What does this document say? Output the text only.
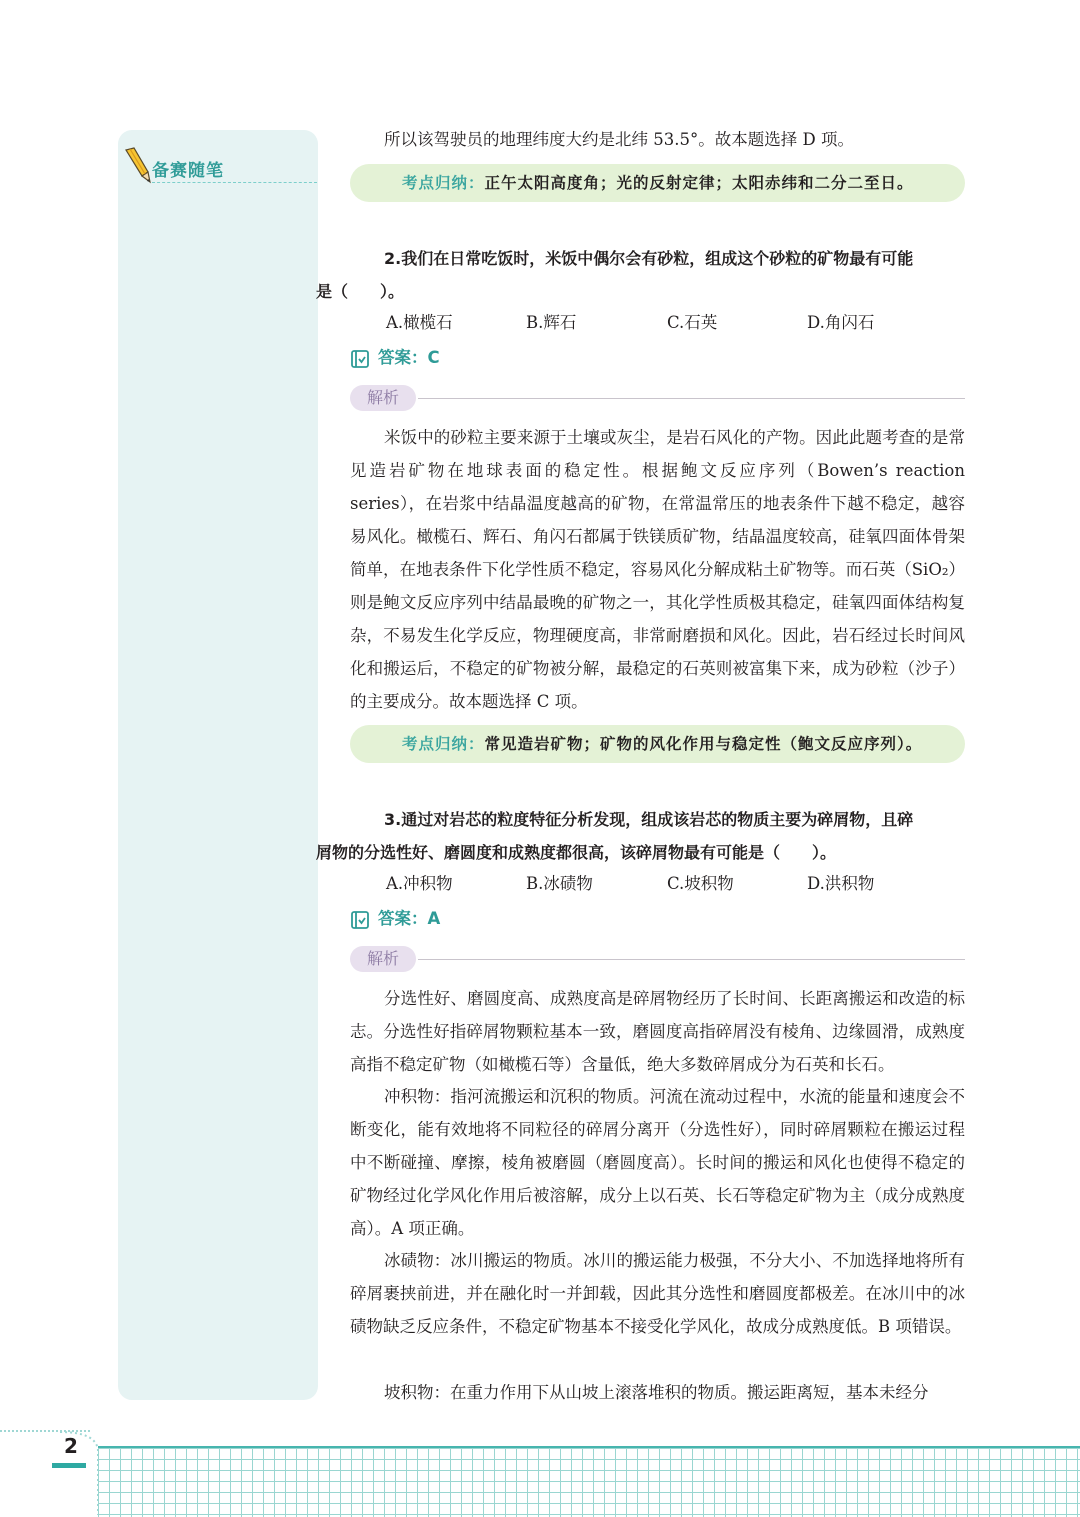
备赛随笔

所以该驾驶员的地理纬度大约是北纬 53.5°。故本题选择 D 项。

考点归纳：正午太阳高度角；光的反射定律；太阳赤纬和二分二至日。
2.我们在日常吃饭时，米饭中偶尔会有砂粒，组成这个砂粒的矿物最有可能
是（　　）。
A.橄榄石	B.辉石	C.石英	D.角闪石
答案：C
解析

米饭中的砂粒主要来源于土壤或灰尘，是岩石风化的产物。因此此题考查的是常见造岩矿物在地球表面的稳定性。根据鲍文反应序列（Bowen’s reaction series），在岩浆中结晶温度越高的矿物，在常温常压的地表条件下越不稳定，越容易风化。橄榄石、辉石、角闪石都属于铁镁质矿物，结晶温度较高，硅氧四面体骨架简单，在地表条件下化学性质不稳定，容易风化分解成粘土矿物等。而石英（SiO₂）则是鲍文反应序列中结晶最晚的矿物之一，其化学性质极其稳定，硅氧四面体结构复杂，不易发生化学反应，物理硬度高，非常耐磨损和风化。因此，岩石经过长时间风化和搬运后，不稳定的矿物被分解，最稳定的石英则被富集下来，成为砂粒（沙子）的主要成分。故本题选择 C 项。

考点归纳：常见造岩矿物；矿物的风化作用与稳定性（鲍文反应序列）。
3.通过对岩芯的粒度特征分析发现，组成该岩芯的物质主要为碎屑物，且碎
屑物的分选性好、磨圆度和成熟度都很高，该碎屑物最有可能是（　　）。
A.冲积物	B.冰碛物	C.坡积物	D.洪积物
答案：A
解析

分选性好、磨圆度高、成熟度高是碎屑物经历了长时间、长距离搬运和改造的标志。分选性好指碎屑物颗粒基本一致，磨圆度高指碎屑没有棱角、边缘圆滑，成熟度高指不稳定矿物（如橄榄石等）含量低，绝大多数碎屑成分为石英和长石。

冲积物：指河流搬运和沉积的物质。河流在流动过程中，水流的能量和速度会不断变化，能有效地将不同粒径的碎屑分离开（分选性好），同时碎屑颗粒在搬运过程中不断碰撞、摩擦，棱角被磨圆（磨圆度高）。长时间的搬运和风化也使得不稳定的矿物经过化学风化作用后被溶解，成分上以石英、长石等稳定矿物为主（成分成熟度高）。A 项正确。

冰碛物：冰川搬运的物质。冰川的搬运能力极强，不分大小、不加选择地将所有碎屑裹挟前进，并在融化时一并卸载，因此其分选性和磨圆度都极差。在冰川中的冰碛物缺乏反应条件，不稳定矿物基本不接受化学风化，故成分成熟度低。B 项错误。

坡积物：在重力作用下从山坡上滚落堆积的物质。搬运距离短，基本未经分

2
